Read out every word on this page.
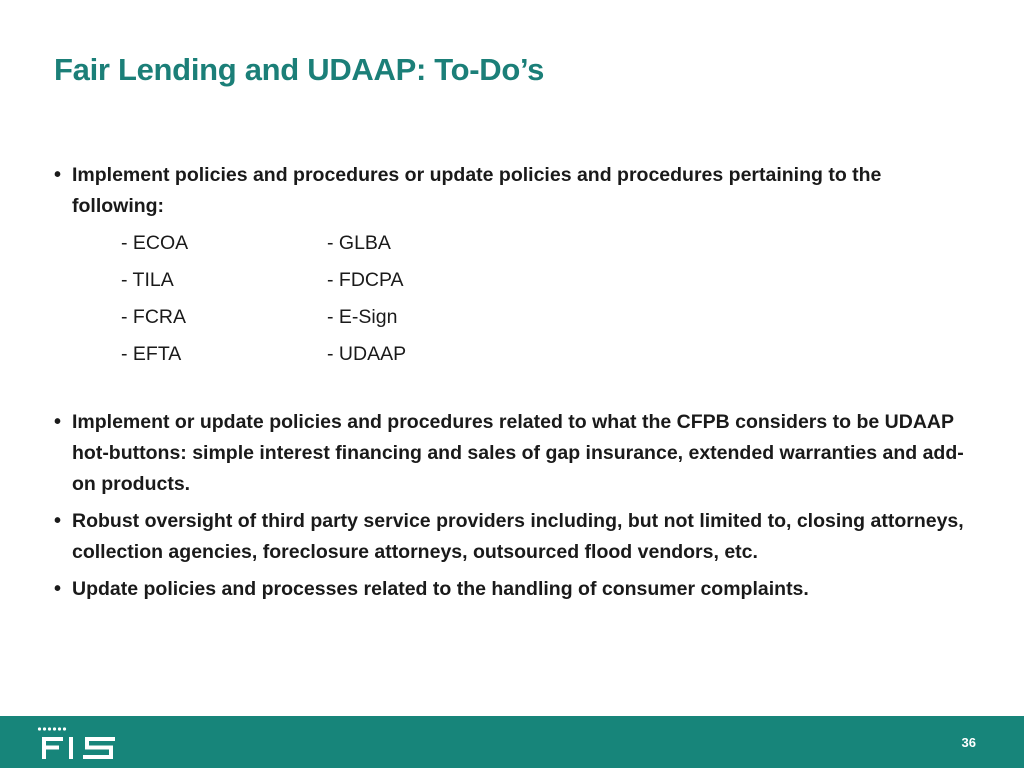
Fair Lending and UDAAP: To-Do’s
• Implement policies and procedures or update policies and procedures pertaining to the following:
- ECOA	- GLBA
- TILA	- FDCPA
- FCRA	- E-Sign
- EFTA	- UDAAP
• Implement or update policies and procedures related to what the CFPB considers to be UDAAP hot-buttons: simple interest financing and sales of gap insurance, extended warranties and add-on products.
• Robust oversight of third party service providers including, but not limited to, closing attorneys, collection agencies, foreclosure attorneys, outsourced flood vendors, etc.
• Update policies and processes related to the handling of consumer complaints.
36
